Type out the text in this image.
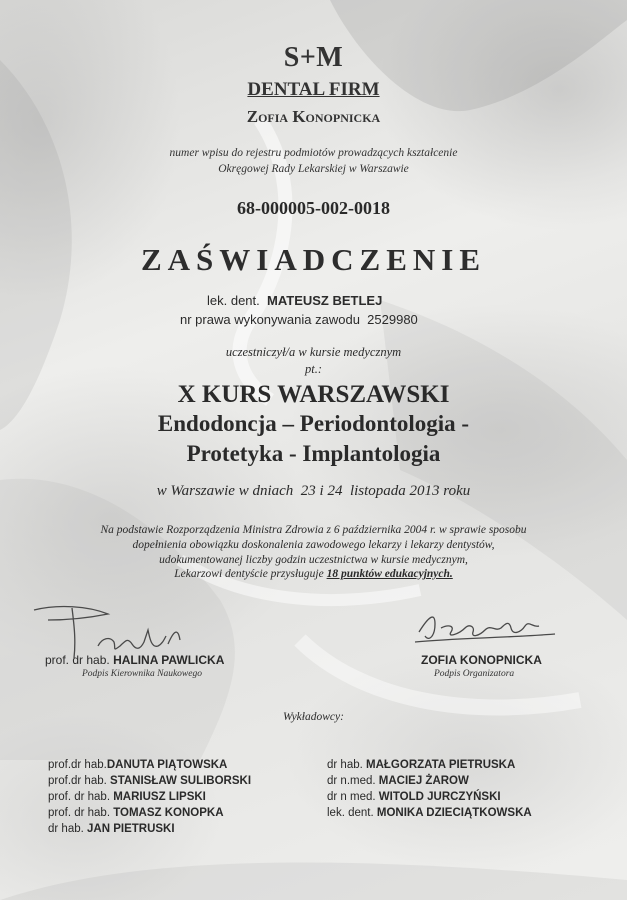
S+M
DENTAL FIRM
Zofia Konopnicka
numer wpisu do rejestru podmiotów prowadzących kształcenie
Okręgowej Rady Lekarskiej w Warszawie
68-000005-002-0018
ZAŚWIADCZENIE
lek. dent. MATEUSZ BETLEJ
nr prawa wykonywania zawodu 2529980
uczestniczył/a w kursie medycznym
pt.:
X KURS WARSZAWSKI
Endodoncja – Periodontologia -
Protetyka - Implantologia
w Warszawie w dniach  23 i 24  listopada 2013 roku
Na podstawie Rozporządzenia Ministra Zdrowia z 6 października 2004 r. w sprawie sposobu
dopełnienia obowiązku doskonalenia zawodowego lekarzy i lekarzy dentystów,
udokumentowanej liczby godzin uczestnictwa w kursie medycznym,
Lekarzowi dentyście przysługuje 18 punktów edukacyjnych.
prof. dr hab. HALINA PAWLICKA
Podpis Kierownika Naukowego
ZOFIA KONOPNICKA
Podpis Organizatora
Wykładowcy:
prof.dr hab.DANUTA PIĄTOWSKA
prof.dr hab. STANISŁAW SULIBORSKI
prof. dr hab. MARIUSZ LIPSKI
prof. dr hab. TOMASZ KONOPKA
dr hab. JAN PIETRUSKI
dr hab. MAŁGORZATA PIETRUSKA
dr n.med. MACIEJ ŻAROW
dr n med. WITOLD JURCZYŃSKI
lek. dent. MONIKA DZIECIĄTKOWSKA
